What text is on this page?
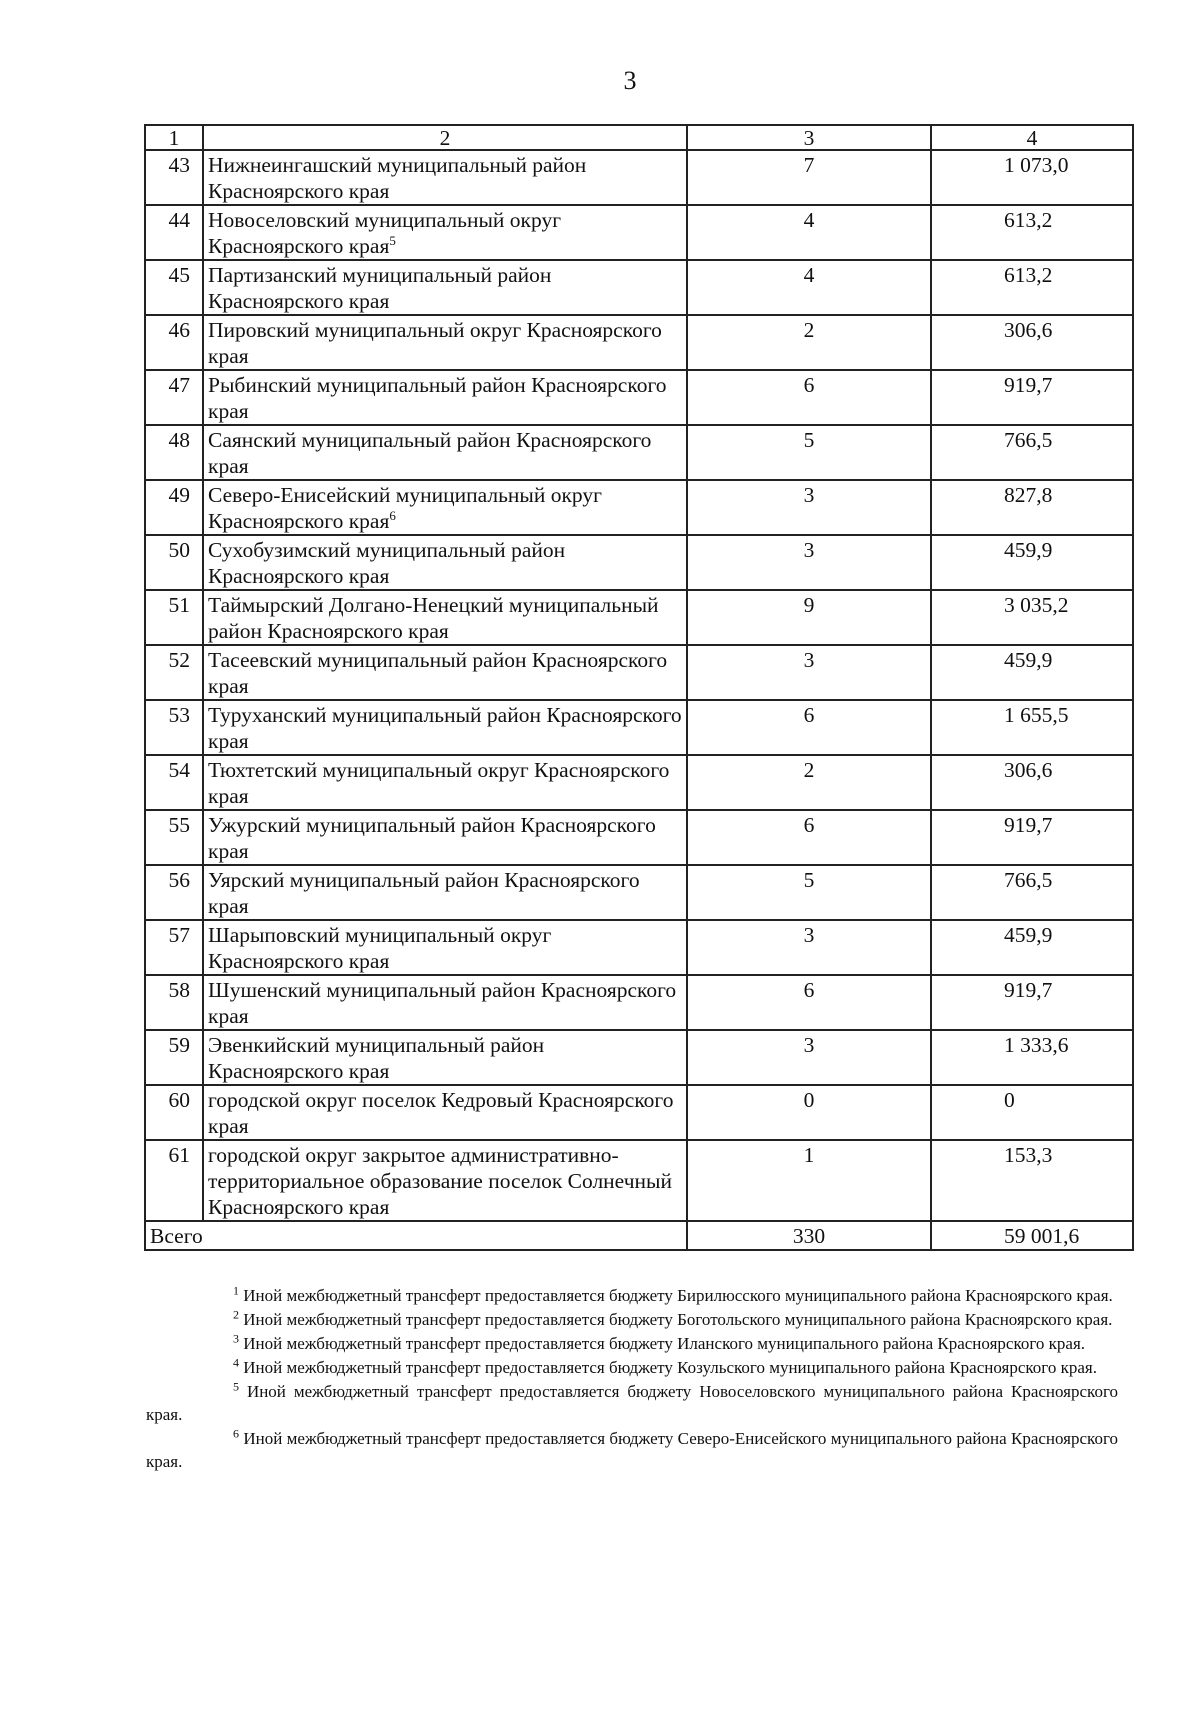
3
1	2	3	4
43	Нижнеингашский муниципальный район Красноярского края	7	1 073,0
44	Новоселовский муниципальный округ Красноярского края$^5$	4	613,2
45	Партизанский муниципальный район Красноярского края	4	613,2
46	Пировский муниципальный округ Красноярского края	2	306,6
47	Рыбинский муниципальный район Красноярского края	6	919,7
48	Саянский муниципальный район Красноярского края	5	766,5
49	Северо-Енисейский муниципальный округ Красноярского края$^6$	3	827,8
50	Сухобузимский муниципальный район Красноярского края	3	459,9
51	Таймырский Долгано-Ненецкий муниципальный район Красноярского края	9	3 035,2
52	Тасеевский муниципальный район Красноярского края	3	459,9
53	Туруханский муниципальный район Красноярского края	6	1 655,5
54	Тюхтетский муниципальный округ Красноярского края	2	306,6
55	Ужурский муниципальный район Красноярского края	6	919,7
56	Уярский муниципальный район Красноярского края	5	766,5
57	Шарыповский муниципальный округ Красноярского края	3	459,9
58	Шушенский муниципальный район Красноярского края	6	919,7
59	Эвенкийский муниципальный район Красноярского края	3	1 333,6
60	городской округ поселок Кедровый Красноярского края	0	0
61	городской округ закрытое административно-территориальное образование поселок Солнечный Красноярского края	1	153,3
Всего		330	59 001,6

$^1$ Иной межбюджетный трансферт предоставляется бюджету Бирилюсского муниципального района Красноярского края.

$^2$ Иной межбюджетный трансферт предоставляется бюджету Боготольского муниципального района Красноярского края.

$^3$ Иной межбюджетный трансферт предоставляется бюджету Иланского муниципального района Красноярского края.

$^4$ Иной межбюджетный трансферт предоставляется бюджету Козульского муниципального района Красноярского края.

$^5$ Иной межбюджетный трансферт предоставляется бюджету Новоселовского муниципального района Красноярского края.

$^6$ Иной межбюджетный трансферт предоставляется бюджету Северо-Енисейского муниципального района Красноярского края.
